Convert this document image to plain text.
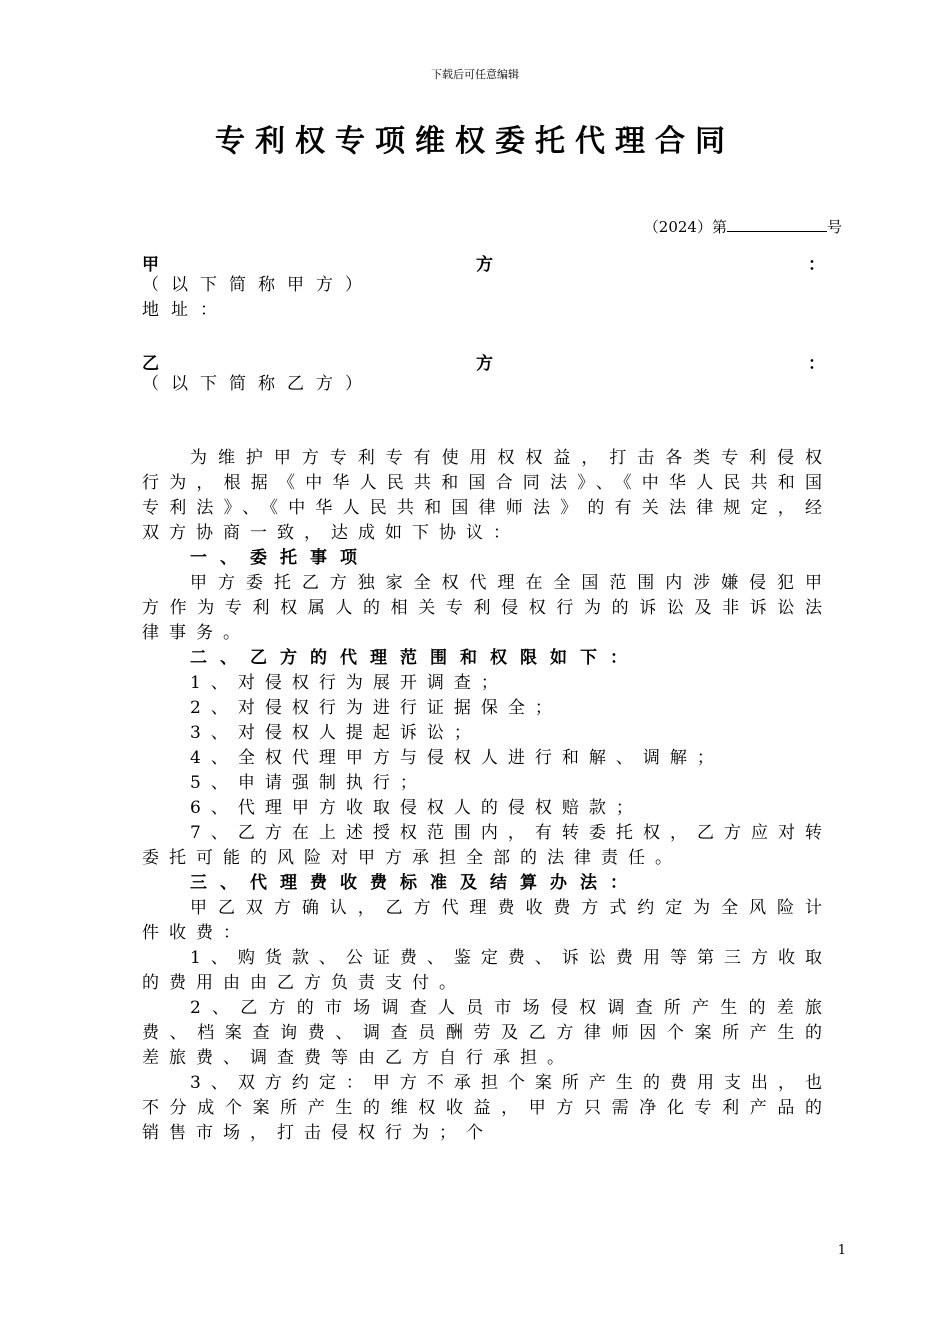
下载后可任意编辑
专利权专项维权委托代理合同
（2024）第	号
甲	方	：
（以下简称甲方）
地址：
乙	方	：
（以下简称乙方）

为维护甲方专利专有使用权权益，打击各类专利侵权行为，根据《中华人民共和国合同法》、《中华人民共和国专利法》、《中华人民共和国律师法》的有关法律规定，经双方协商一致，达成如下协议：

一、委托事项

甲方委托乙方独家全权代理在全国范围内涉嫌侵犯甲方作为专利权属人的相关专利侵权行为的诉讼及非诉讼法律事务。

二、乙方的代理范围和权限如下：

1、对侵权行为展开调查；

2、对侵权行为进行证据保全；

3、对侵权人提起诉讼；

4、全权代理甲方与侵权人进行和解、调解；

5、申请强制执行；

6、代理甲方收取侵权人的侵权赔款；

7、乙方在上述授权范围内，有转委托权，乙方应对转委托可能的风险对甲方承担全部的法律责任。

三、代理费收费标准及结算办法：

甲乙双方确认，乙方代理费收费方式约定为全风险计件收费：

1、购货款、公证费、鉴定费、诉讼费用等第三方收取的费用由由乙方负责支付。

2、乙方的市场调查人员市场侵权调查所产生的差旅费、档案查询费、调查员酬劳及乙方律师因个案所产生的差旅费、调查费等由乙方自行承担。

3、双方约定：甲方不承担个案所产生的费用支出，也不分成个案所产生的维权收益，甲方只需净化专利产品的销售市场，打击侵权行为；个

1
